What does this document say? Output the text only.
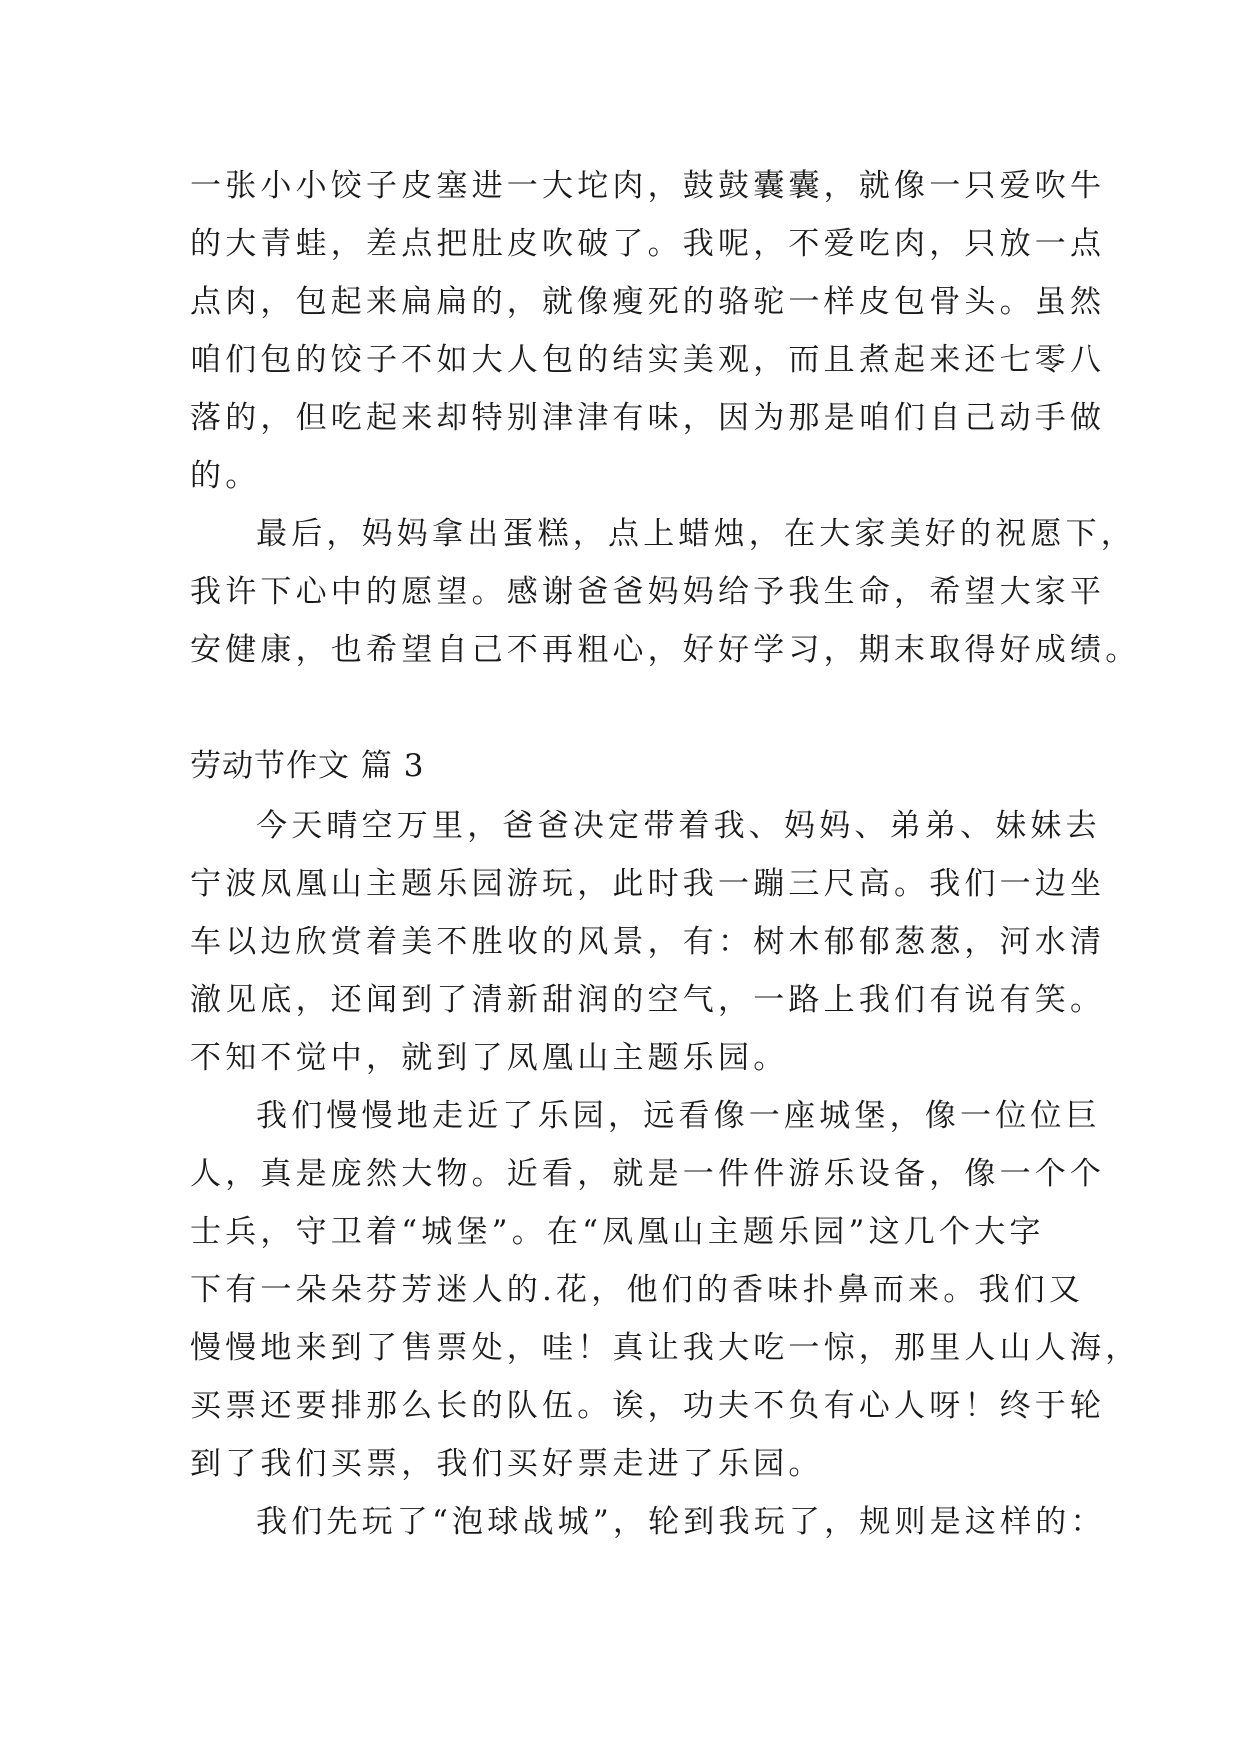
一张小小饺子皮塞进一大坨肉，鼓鼓囊囊，就像一只爱吹牛
的大青蛙，差点把肚皮吹破了。我呢，不爱吃肉，只放一点
点肉，包起来扁扁的，就像瘦死的骆驼一样皮包骨头。虽然
咱们包的饺子不如大人包的结实美观，而且煮起来还七零八
落的，但吃起来却特别津津有味，因为那是咱们自己动手做
的。
最后，妈妈拿出蛋糕，点上蜡烛，在大家美好的祝愿下，
我许下心中的愿望。感谢爸爸妈妈给予我生命，希望大家平
安健康，也希望自己不再粗心，好好学习，期末取得好成绩。
劳动节作文 篇 3
今天晴空万里，爸爸决定带着我、妈妈、弟弟、妹妹去
宁波凤凰山主题乐园游玩，此时我一蹦三尺高。我们一边坐
车以边欣赏着美不胜收的风景，有：树木郁郁葱葱，河水清
澈见底，还闻到了清新甜润的空气，一路上我们有说有笑。
不知不觉中，就到了凤凰山主题乐园。
我们慢慢地走近了乐园，远看像一座城堡，像一位位巨
人，真是庞然大物。近看，就是一件件游乐设备，像一个个
士兵，守卫着“城堡”。在“凤凰山主题乐园”这几个大字
下有一朵朵芬芳迷人的.花，他们的香味扑鼻而来。我们又
慢慢地来到了售票处，哇！真让我大吃一惊，那里人山人海，
买票还要排那么长的队伍。诶，功夫不负有心人呀！终于轮
到了我们买票，我们买好票走进了乐园。
我们先玩了“泡球战城”，轮到我玩了，规则是这样的：
